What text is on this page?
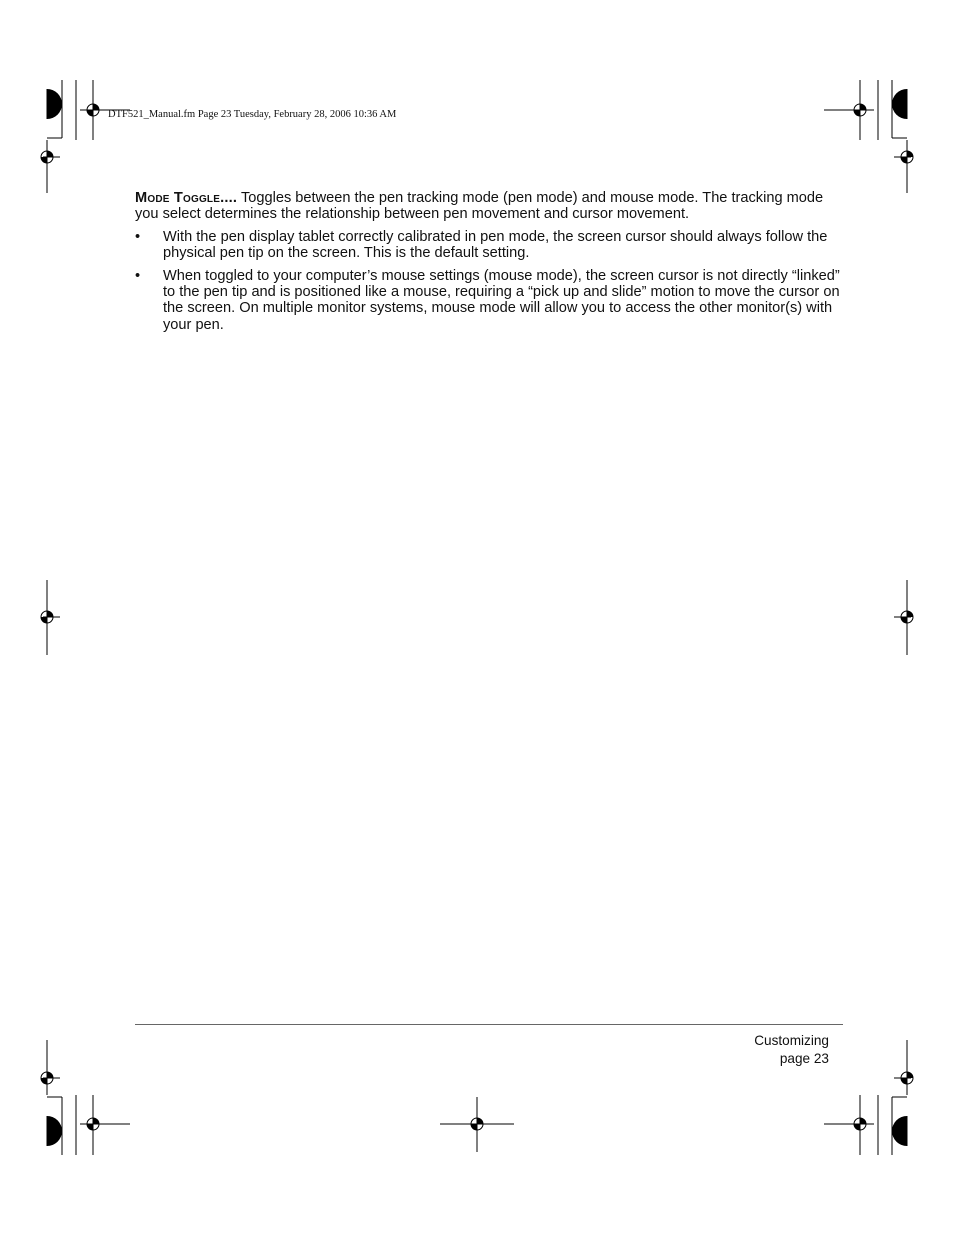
DTF521_Manual.fm Page 23 Tuesday, February 28, 2006 10:36 AM

Mode Toggle.... Toggles between the pen tracking mode (pen mode) and mouse mode. The tracking mode you select determines the relationship between pen movement and cursor movement.

• With the pen display tablet correctly calibrated in pen mode, the screen cursor should always follow the physical pen tip on the screen. This is the default setting.
• When toggled to your computer’s mouse settings (mouse mode), the screen cursor is not directly “linked” to the pen tip and is positioned like a mouse, requiring a “pick up and slide” motion to move the cursor on the screen. On multiple monitor systems, mouse mode will allow you to access the other monitor(s) with your pen.
Customizing
page 23
